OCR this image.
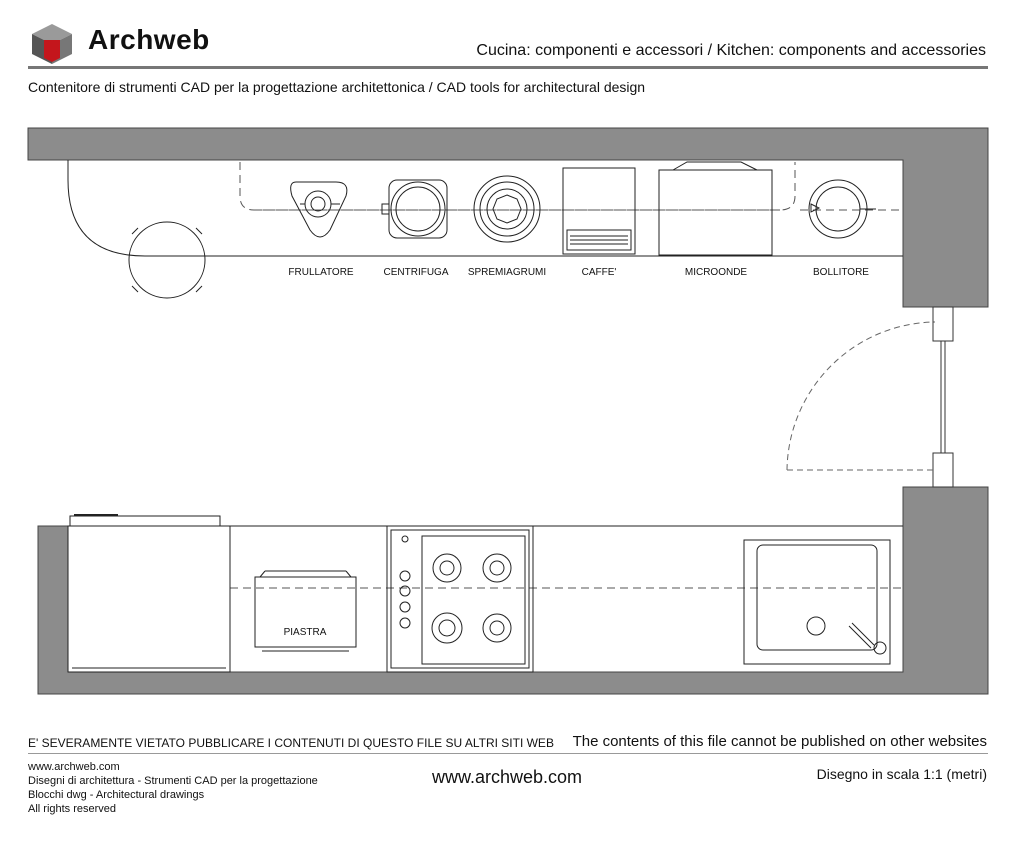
Archweb	Cucina: componenti e accessori / Kitchen: components and accessories
Contenitore di strumenti CAD per la progettazione architettonica / CAD tools for architectural design
FRULLATORE	CENTRIFUGA SPREMIAGRUMI	CAFFE'	MICROONDE	BOLLITORE
PIASTRA
E' SEVERAMENTE VIETATO PUBBLICARE I CONTENUTI DI QUESTO FILE SU ALTRI SITI WEB The contents of this file cannot be published on other websites
www.archweb.com
Disegni di architettura - Strumenti CAD per la progettazione
Blocchi dwg - Architectural drawings
All rights reserved
www.archweb.com	Disegno in scala 1:1 (metri)
